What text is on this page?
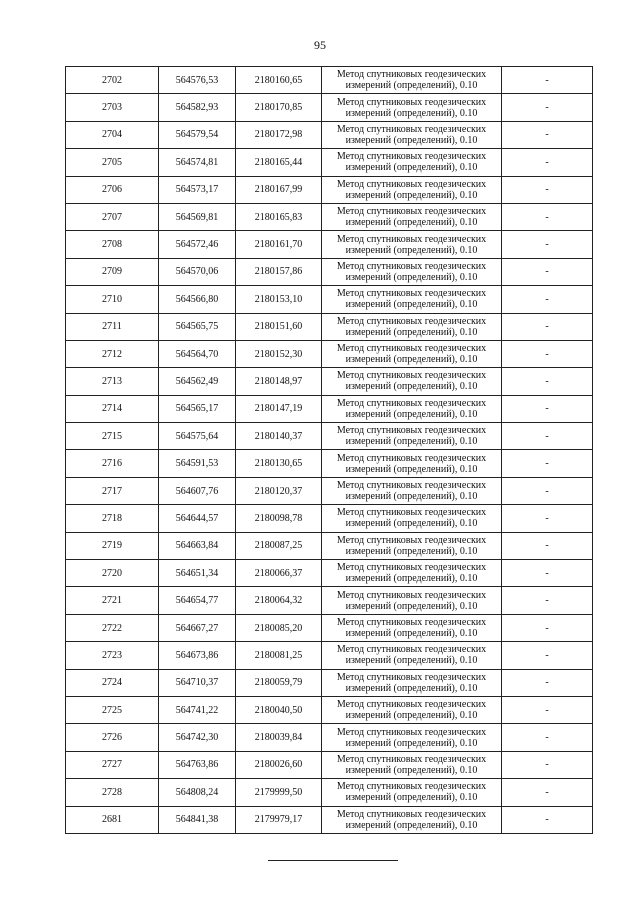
95
2702	564576,53	2180160,65	Метод спутниковых геодезических
измерений (определений), 0.10	-
2703	564582,93	2180170,85	Метод спутниковых геодезических
измерений (определений), 0.10	-
2704	564579,54	2180172,98	Метод спутниковых геодезических
измерений (определений), 0.10	-
2705	564574,81	2180165,44	Метод спутниковых геодезических
измерений (определений), 0.10	-
2706	564573,17	2180167,99	Метод спутниковых геодезических
измерений (определений), 0.10	-
2707	564569,81	2180165,83	Метод спутниковых геодезических
измерений (определений), 0.10	-
2708	564572,46	2180161,70	Метод спутниковых геодезических
измерений (определений), 0.10	-
2709	564570,06	2180157,86	Метод спутниковых геодезических
измерений (определений), 0.10	-
2710	564566,80	2180153,10	Метод спутниковых геодезических
измерений (определений), 0.10	-
2711	564565,75	2180151,60	Метод спутниковых геодезических
измерений (определений), 0.10	-
2712	564564,70	2180152,30	Метод спутниковых геодезических
измерений (определений), 0.10	-
2713	564562,49	2180148,97	Метод спутниковых геодезических
измерений (определений), 0.10	-
2714	564565,17	2180147,19	Метод спутниковых геодезических
измерений (определений), 0.10	-
2715	564575,64	2180140,37	Метод спутниковых геодезических
измерений (определений), 0.10	-
2716	564591,53	2180130,65	Метод спутниковых геодезических
измерений (определений), 0.10	-
2717	564607,76	2180120,37	Метод спутниковых геодезических
измерений (определений), 0.10	-
2718	564644,57	2180098,78	Метод спутниковых геодезических
измерений (определений), 0.10	-
2719	564663,84	2180087,25	Метод спутниковых геодезических
измерений (определений), 0.10	-
2720	564651,34	2180066,37	Метод спутниковых геодезических
измерений (определений), 0.10	-
2721	564654,77	2180064,32	Метод спутниковых геодезических
измерений (определений), 0.10	-
2722	564667,27	2180085,20	Метод спутниковых геодезических
измерений (определений), 0.10	-
2723	564673,86	2180081,25	Метод спутниковых геодезических
измерений (определений), 0.10	-
2724	564710,37	2180059,79	Метод спутниковых геодезических
измерений (определений), 0.10	-
2725	564741,22	2180040,50	Метод спутниковых геодезических
измерений (определений), 0.10	-
2726	564742,30	2180039,84	Метод спутниковых геодезических
измерений (определений), 0.10	-
2727	564763,86	2180026,60	Метод спутниковых геодезических
измерений (определений), 0.10	-
2728	564808,24	2179999,50	Метод спутниковых геодезических
измерений (определений), 0.10	-
2681	564841,38	2179979,17	Метод спутниковых геодезических
измерений (определений), 0.10	-
